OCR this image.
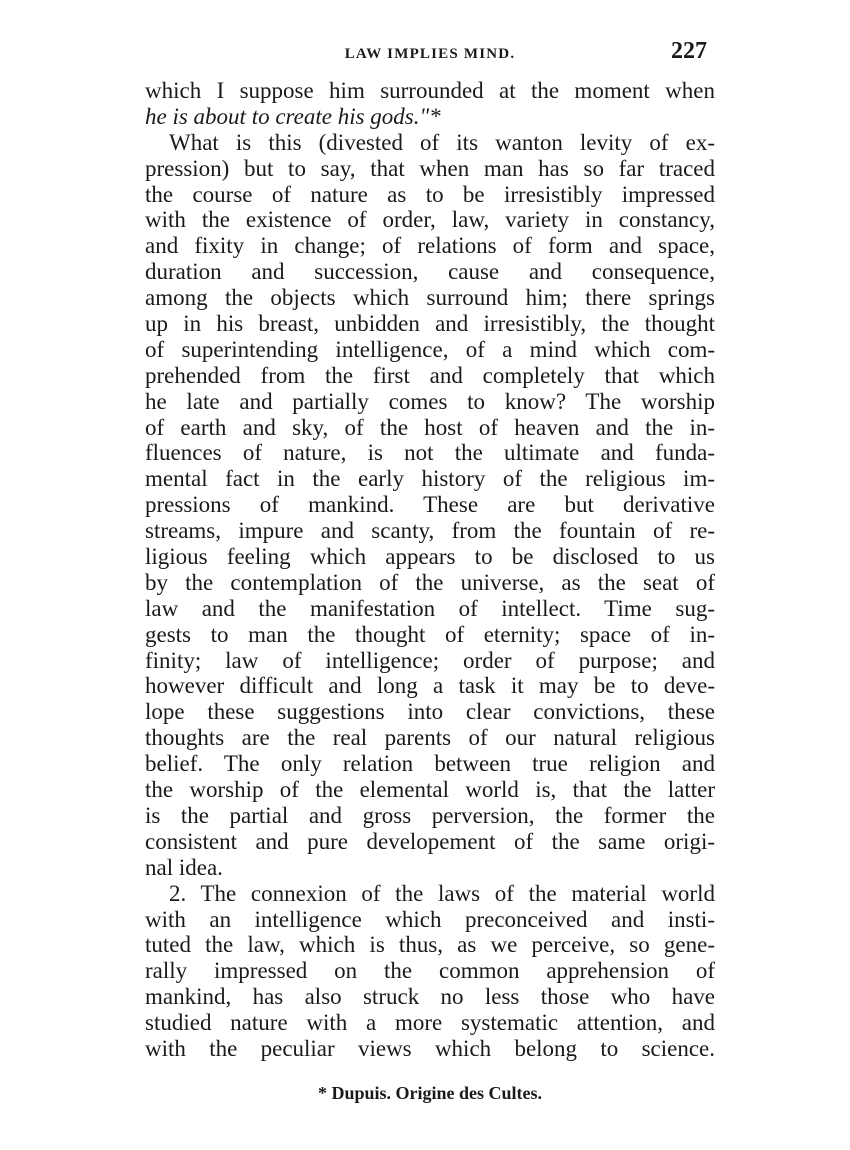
LAW IMPLIES MIND.	227
which I suppose him surrounded at the moment when
he is about to create his gods."*
What is this (divested of its wanton levity of ex-
pression) but to say, that when man has so far traced
the course of nature as to be irresistibly impressed
with the existence of order, law, variety in constancy,
and fixity in change; of relations of form and space,
duration and succession, cause and consequence,
among the objects which surround him; there springs
up in his breast, unbidden and irresistibly, the thought
of superintending intelligence, of a mind which com-
prehended from the first and completely that which
he late and partially comes to know? The worship
of earth and sky, of the host of heaven and the in-
fluences of nature, is not the ultimate and funda-
mental fact in the early history of the religious im-
pressions of mankind. These are but derivative
streams, impure and scanty, from the fountain of re-
ligious feeling which appears to be disclosed to us
by the contemplation of the universe, as the seat of
law and the manifestation of intellect. Time sug-
gests to man the thought of eternity; space of in-
finity; law of intelligence; order of purpose; and
however difficult and long a task it may be to deve-
lope these suggestions into clear convictions, these
thoughts are the real parents of our natural religious
belief. The only relation between true religion and
the worship of the elemental world is, that the latter
is the partial and gross perversion, the former the
consistent and pure developement of the same origi-
nal idea.
2. The connexion of the laws of the material world
with an intelligence which preconceived and insti-
tuted the law, which is thus, as we perceive, so gene-
rally impressed on the common apprehension of
mankind, has also struck no less those who have
studied nature with a more systematic attention, and
with the peculiar views which belong to science.
* Dupuis. Origine des Cultes.
